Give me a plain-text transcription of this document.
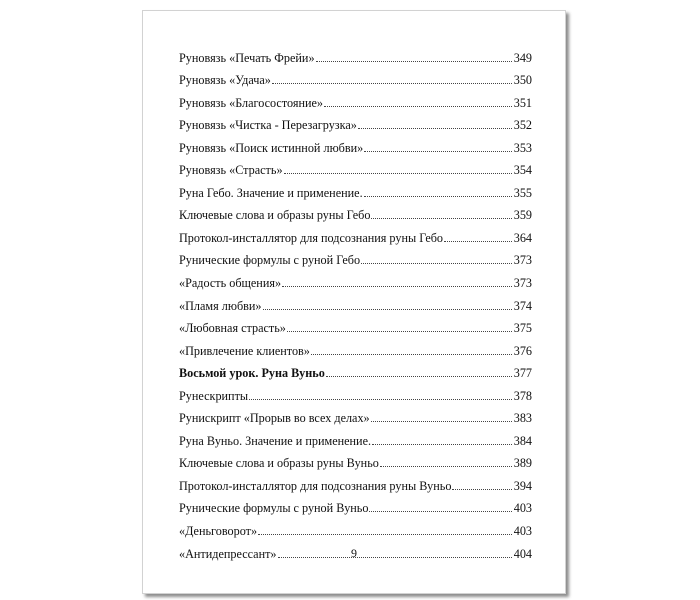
Руновязь «Печать Фрейи»	349
Руновязь «Удача»	350
Руновязь «Благосостояние»	351
Руновязь «Чистка - Перезагрузка»	352
Руновязь «Поиск истинной любви»	353
Руновязь «Страсть»	354
Руна Гебо. Значение и применение.	355
Ключевые слова и образы руны Гебо	359
Протокол-инсталлятор для подсознания руны Гебо	364
Рунические формулы с руной Гебо	373
«Радость общения»	373
«Пламя любви»	374
«Любовная страсть»	375
«Привлечение клиентов»	376
Восьмой урок. Руна Вуньо	377
Рунескрипты	378
Рунискрипт «Прорыв во всех делах»	383
Руна Вуньо. Значение и применение.	384
Ключевые слова и образы руны Вуньо	389
Протокол-инсталлятор для подсознания руны Вуньо	394
Рунические формулы с руной Вуньо	403
«Деньговорот»	403
«Антидепрессант»	404
9
